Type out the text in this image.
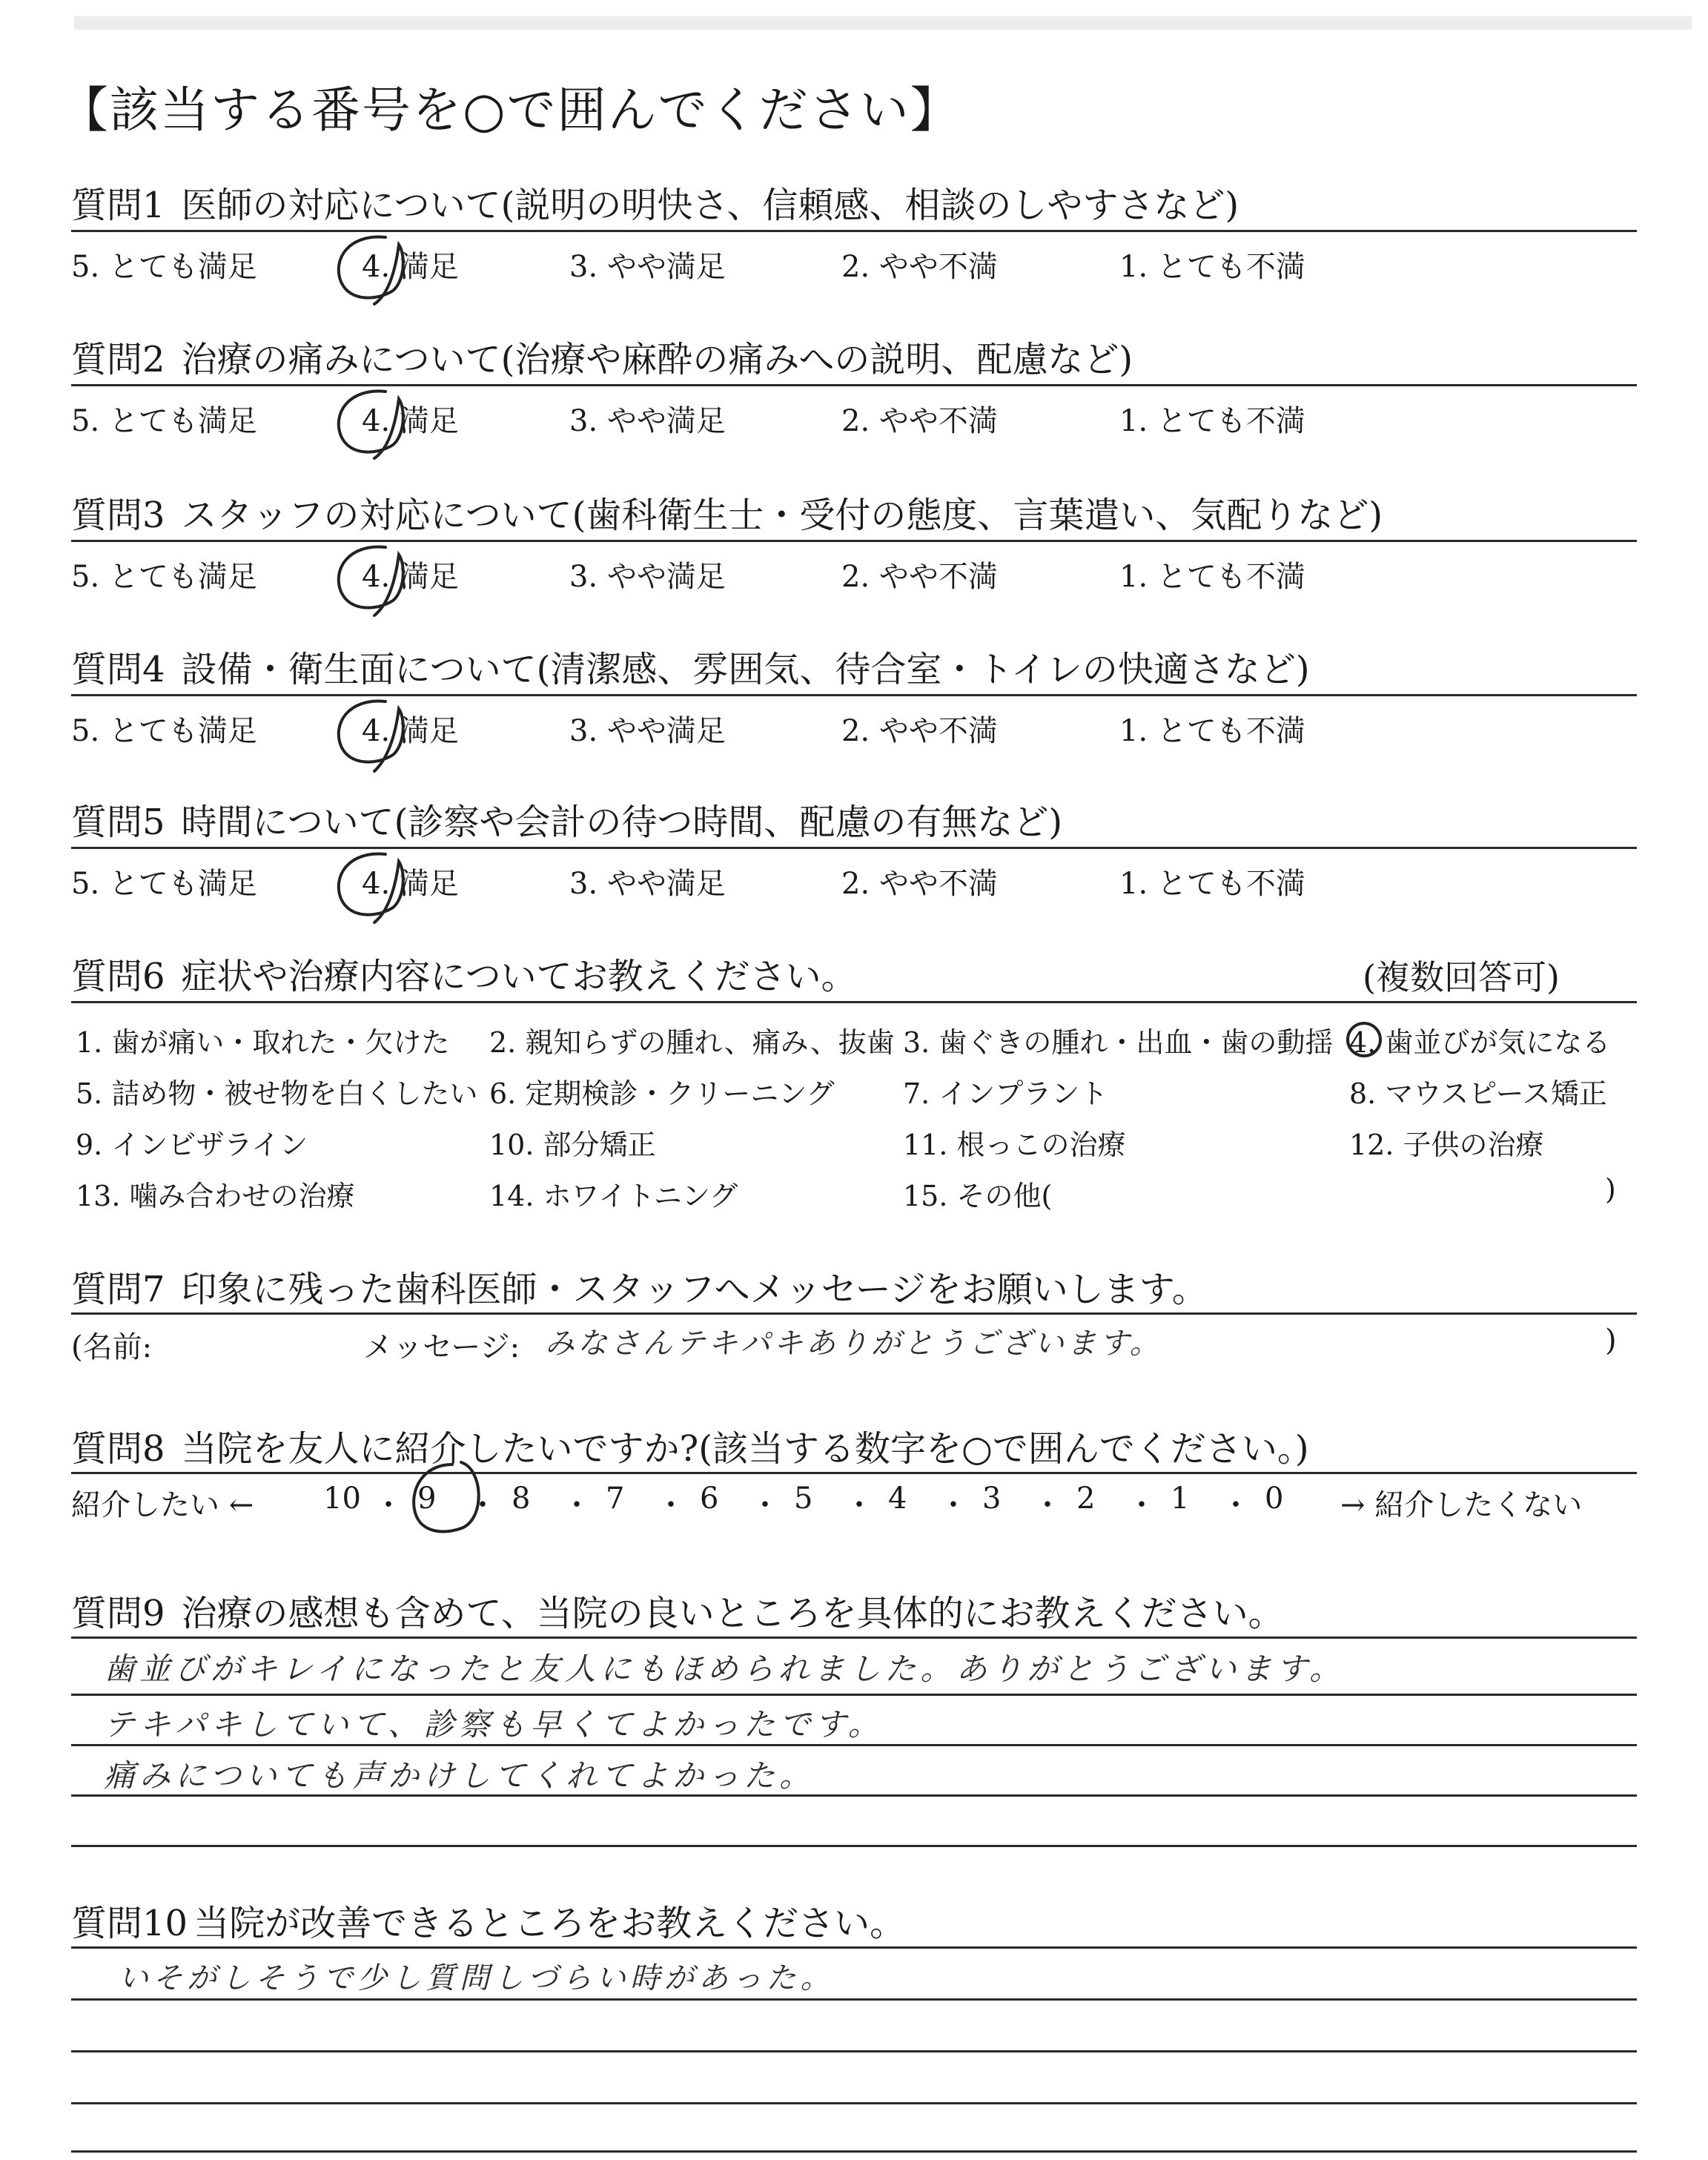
【該当する番号を○で囲んでください】
質問1 医師の対応について(説明の明快さ、信頼感、相談のしやすさなど)
5. とても満足	4. 満足	3. やや満足	2. やや不満	1. とても不満
質問2 治療の痛みについて(治療や麻酔の痛みへの説明、配慮など)
5. とても満足	4. 満足	3. やや満足	2. やや不満	1. とても不満
質問3 スタッフの対応について(歯科衛生士・受付の態度、言葉遣い、気配りなど)
5. とても満足	4. 満足	3. やや満足	2. やや不満	1. とても不満
質問4 設備・衛生面について(清潔感、雰囲気、待合室・トイレの快適さなど)
5. とても満足	4. 満足	3. やや満足	2. やや不満	1. とても不満
質問5 時間について(診察や会計の待つ時間、配慮の有無など)
5. とても満足	4. 満足	3. やや満足	2. やや不満	1. とても不満
質問6 症状や治療内容についてお教えください。	(複数回答可)
1. 歯が痛い・取れた・欠けた 2. 親知らずの腫れ、痛み、抜歯 3. 歯ぐきの腫れ・出血・歯の動揺 4. 歯並びが気になる
5. 詰め物・被せ物を白くしたい 6. 定期検診・クリーニング 7. インプラント	8. マウスピース矯正
9. インビザライン	10. 部分矯正	11. 根っこの治療	12. 子供の治療
13. 噛み合わせの治療	14. ホワイトニング	15. その他(	)
質問7 印象に残った歯科医師・スタッフへメッセージをお願いします。
(名前:	メッセージ: みなさんテキパキありがとうございます。	)
質問8 当院を友人に紹介したいですか?(該当する数字を○で囲んでください。)
紹介したい ← 10 ・ 9 ・ 8 ・ 7 ・ 6 ・ 5 ・ 4 ・ 3 ・ 2 ・ 1 ・ 0 → 紹介したくない
質問9 治療の感想も含めて、当院の良いところを具体的にお教えください。
歯並びがキレイになったと友人にもほめられました。ありがとうございます。
テキパキしていて、診察も早くてよかったです。
痛みについても声かけしてくれてよかった。
質問10 当院が改善できるところをお教えください。
いそがしそうで少し質問しづらい時があった。
